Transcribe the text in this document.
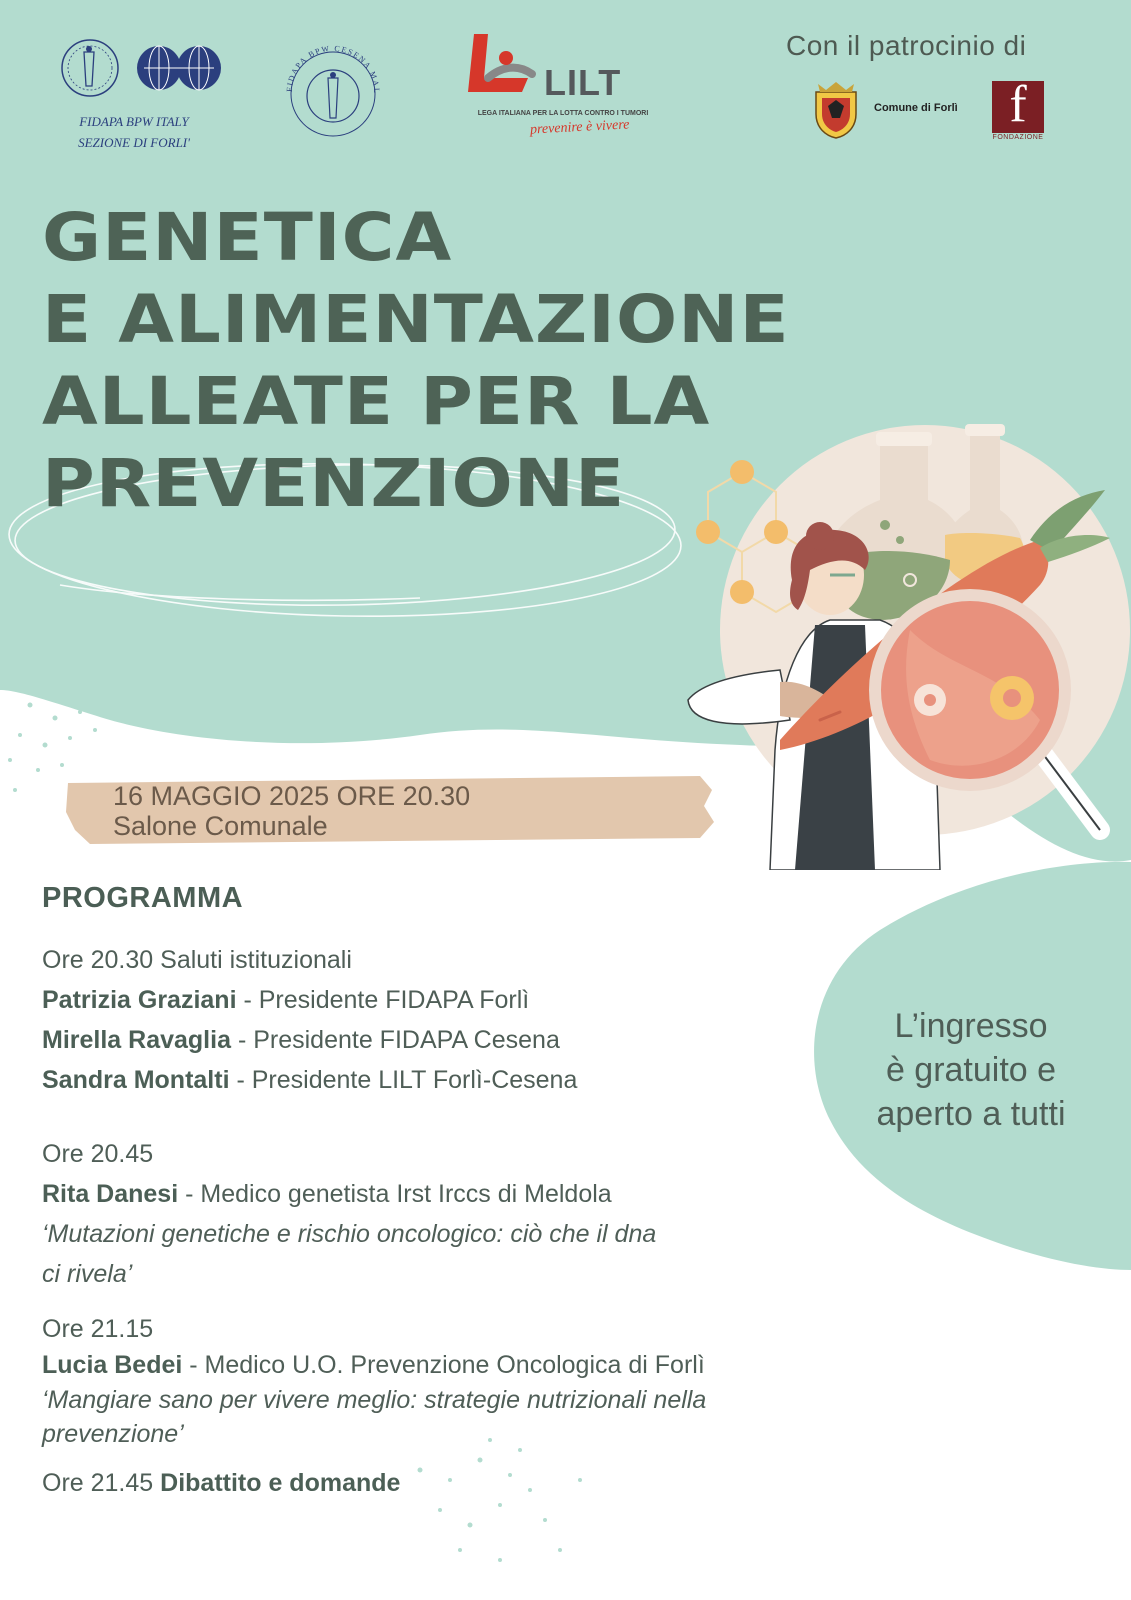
FIDAPA BPW ITALY
SEZIONE DI FORLI'
FIDAPA BPW CESENA MAL	LILT
LEGA ITALIANA PER LA LOTTA CONTRO I TUMORI
prevenire è vivere
Con il patrocinio di
Comune di Forlì f
FONDAZIONE
GENETICA
E ALIMENTAZIONE
ALLEATE PER LA
PREVENZIONE
16 MAGGIO 2025 ORE 20.30
Salone Comunale
PROGRAMMA
Ore 20.30 Saluti istituzionali
Patrizia Graziani - Presidente FIDAPA Forlì
Mirella Ravaglia - Presidente FIDAPA Cesena
Sandra Montalti - Presidente LILT Forlì-Cesena
Ore 20.45
Rita Danesi - Medico genetista Irst Irccs di Meldola
‘Mutazioni genetiche e rischio oncologico: ciò che il dna
ci rivela’
Ore 21.15
Lucia Bedei - Medico U.O. Prevenzione Oncologica di Forlì
‘Mangiare sano per vivere meglio: strategie nutrizionali nella
prevenzione’
Ore 21.45 Dibattito e domande
L’ingresso
è gratuito e
aperto a tutti
